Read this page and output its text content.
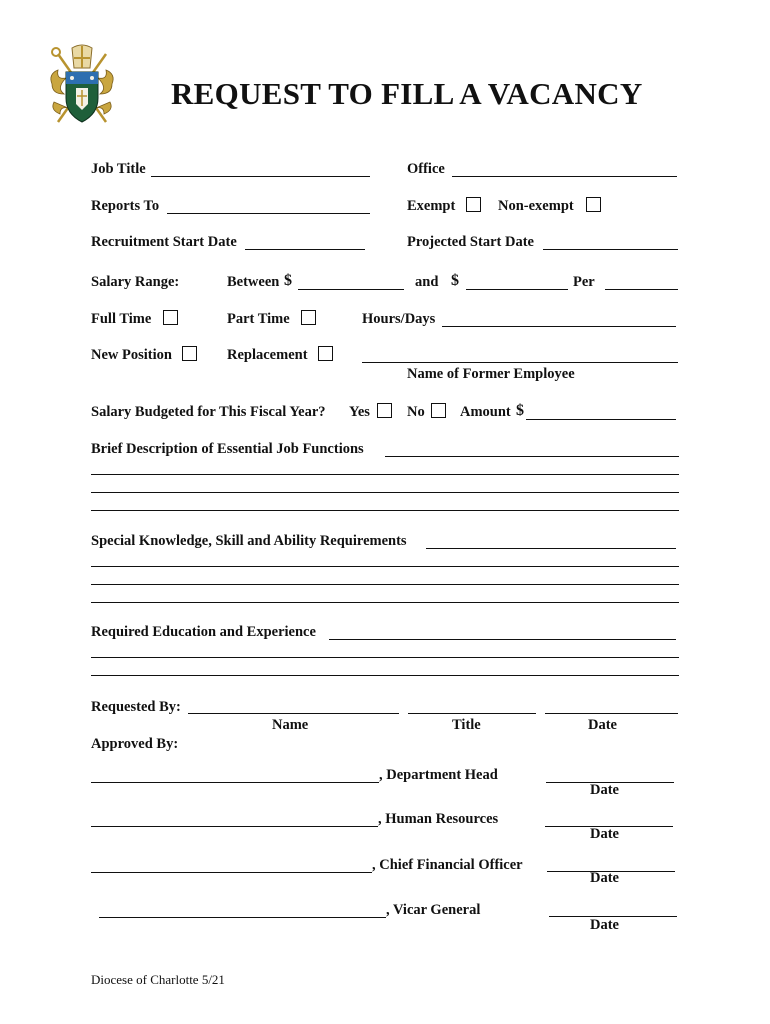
REQUEST TO FILL A VACANCY
Job Title	Office
Reports To	Exempt	Non-exempt
Recruitment Start Date	Projected Start Date
Salary Range:	Between $	and $	Per
Full Time	Part Time	Hours/Days
New Position	Replacement
Name of Former Employee
Salary Budgeted for This Fiscal Year? Yes	No Amount $
Brief Description of Essential Job Functions
Special Knowledge, Skill and Ability Requirements
Required Education and Experience
Requested By:
Name	Title	Date
Approved By:
, Department Head
Date
, Human Resources
Date
, Chief Financial Officer
Date
, Vicar General
Date
Diocese of Charlotte 5/21
